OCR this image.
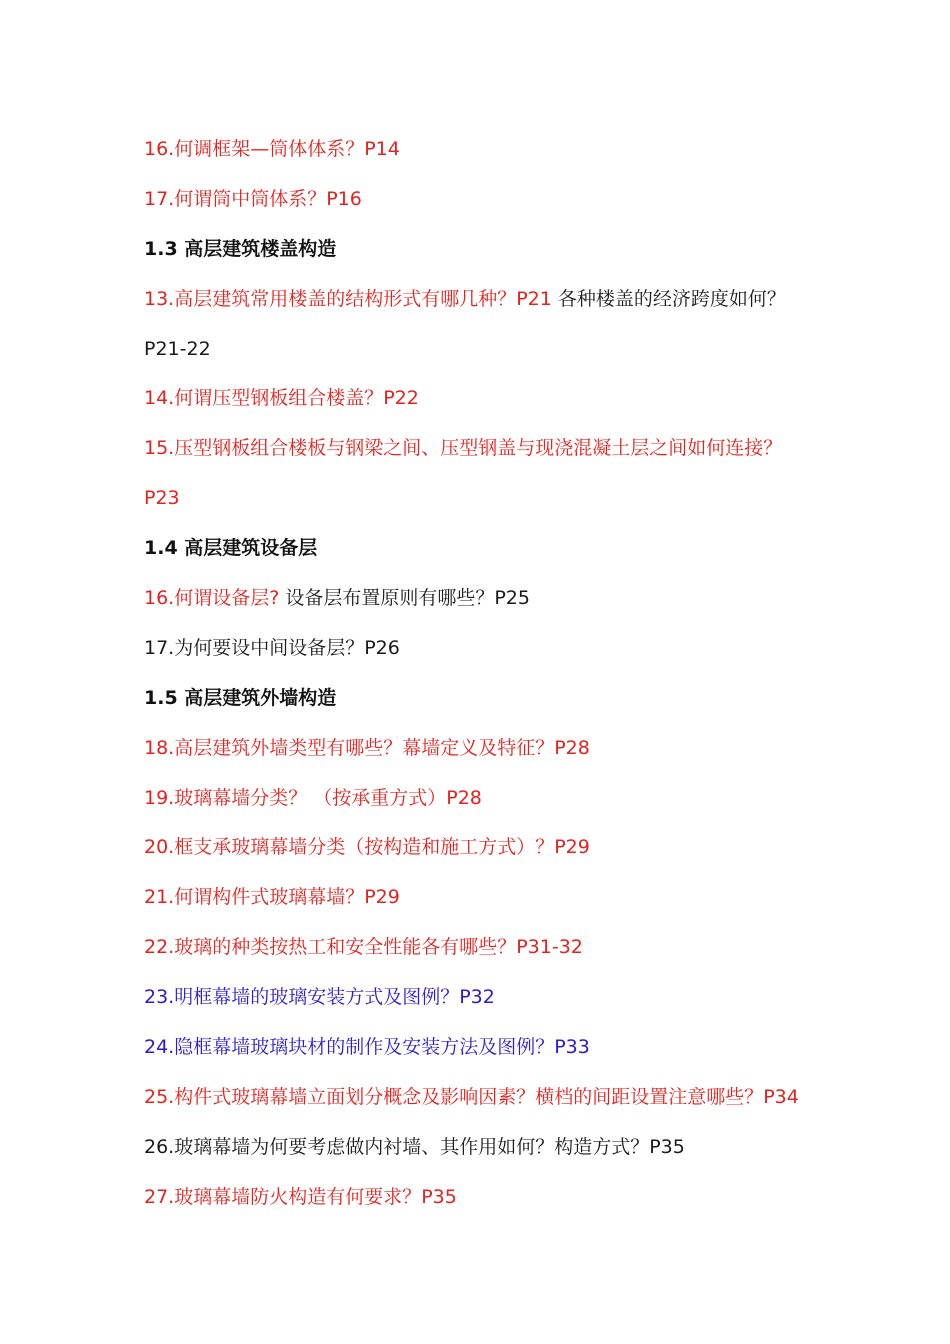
16.何调框架—筒体体系？P14
17.何谓筒中筒体系？P16
1.3 高层建筑楼盖构造
13.高层建筑常用楼盖的结构形式有哪几种？P21 各种楼盖的经济跨度如何？
P21-22
14.何谓压型钢板组合楼盖？P22
15.压型钢板组合楼板与钢梁之间、压型钢盖与现浇混凝土层之间如何连接？
P23
1.4 高层建筑设备层
16.何谓设备层? 设备层布置原则有哪些？P25
17.为何要设中间设备层？P26
1.5 高层建筑外墙构造
18.高层建筑外墙类型有哪些？幕墙定义及特征？P28
19.玻璃幕墙分类？ （按承重方式）P28
20.框支承玻璃幕墙分类（按构造和施工方式）？P29
21.何谓构件式玻璃幕墙？P29
22.玻璃的种类按热工和安全性能各有哪些？P31-32
23.明框幕墙的玻璃安装方式及图例？P32
24.隐框幕墙玻璃块材的制作及安装方法及图例？P33
25.构件式玻璃幕墙立面划分概念及影响因素？横档的间距设置注意哪些？P34
26.玻璃幕墙为何要考虑做内衬墙、其作用如何？构造方式？P35
27.玻璃幕墙防火构造有何要求？P35
